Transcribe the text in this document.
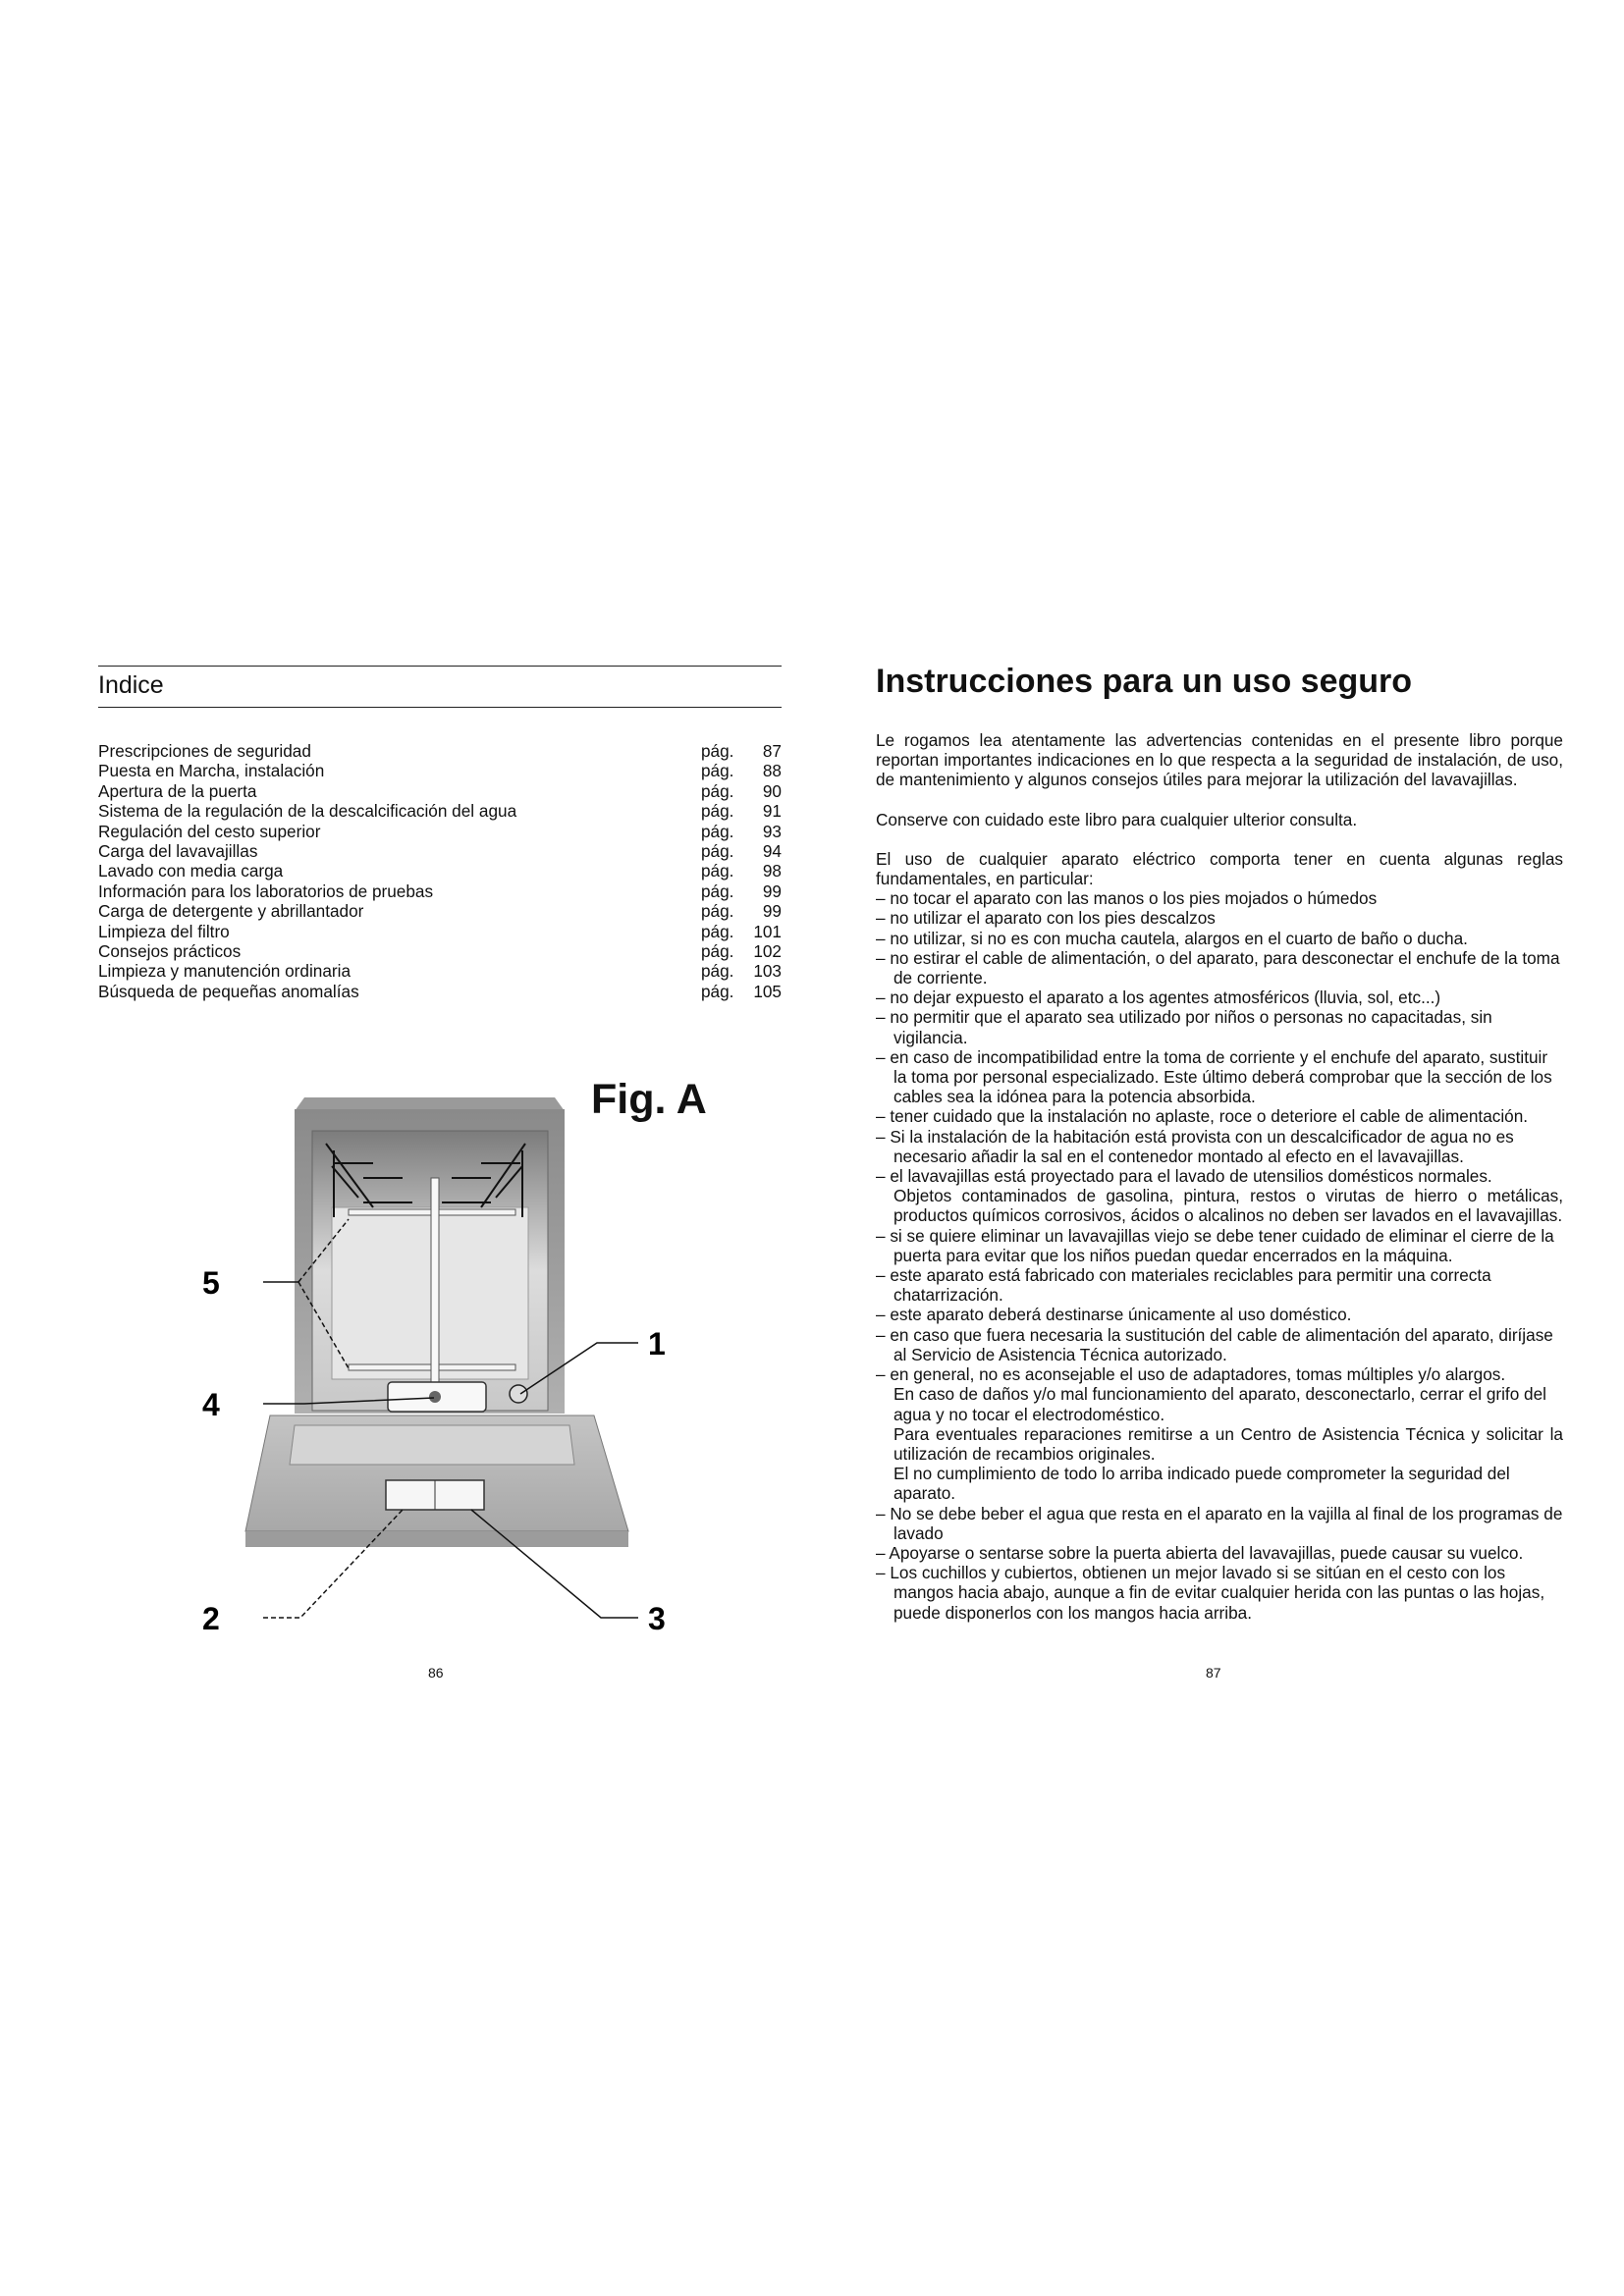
Indice
Prescripciones de seguridad	pág. 87
Puesta en Marcha, instalación	pág. 88
Apertura de la puerta	pág. 90
Sistema de la regulación de la descalcificación del agua	pág. 91
Regulación del cesto superior	pág. 93
Carga del lavavajillas	pág. 94
Lavado con media carga	pág. 98
Información para los laboratorios de pruebas	pág. 99
Carga de detergente y abrillantador	pág. 99
Limpieza del filtro	pág. 101
Consejos prácticos	pág. 102
Limpieza y manutención ordinaria	pág. 103
Búsqueda de pequeñas anomalías	pág. 105
Fig. A
5
4
1
2	3
86
Instrucciones para un uso seguro

Le rogamos lea atentamente las advertencias contenidas en el presente libro porque reportan importantes indicaciones en lo que respecta a la seguridad de instalación, de uso, de mantenimiento y algunos consejos útiles para mejorar la utilización del lavavajillas.

Conserve con cuidado este libro para cualquier ulterior consulta.

El uso de cualquier aparato eléctrico comporta tener en cuenta algunas reglas fundamentales, en particular:

– no tocar el aparato con las manos o los pies mojados o húmedos

– no utilizar el aparato con los pies descalzos

– no utilizar, si no es con mucha cautela, alargos en el cuarto de baño o ducha.

– no estirar el cable de alimentación, o del aparato, para desconectar el enchufe de la toma de corriente.

– no dejar expuesto el aparato a los agentes atmosféricos (lluvia, sol, etc...)

– no permitir que el aparato sea utilizado por niños o personas no capacitadas, sin vigilancia.

– en caso de incompatibilidad entre la toma de corriente y el enchufe del aparato, sustituir la toma por personal especializado. Este último deberá comprobar que la sección de los cables sea la idónea para la potencia absorbida.

– tener cuidado que la instalación no aplaste, roce o deteriore el cable de alimentación.

– Si la instalación de la habitación está provista con un descalcificador de agua no es necesario añadir la sal en el contenedor montado al efecto en el lavavajillas.

– el lavavajillas está proyectado para el lavado de utensilios domésticos normales.

Objetos contaminados de gasolina, pintura, restos o virutas de hierro o metálicas, productos químicos corrosivos, ácidos o alcalinos no deben ser lavados en el lavavajillas.

– si se quiere eliminar un lavavajillas viejo se debe tener cuidado de eliminar el cierre de la puerta para evitar que los niños puedan quedar encerrados en la máquina.

– este aparato está fabricado con materiales reciclables para permitir una correcta chatarrización.

– este aparato deberá destinarse únicamente al uso doméstico.

– en caso que fuera necesaria la sustitución del cable de alimentación del aparato, diríjase al Servicio de Asistencia Técnica autorizado.

– en general, no es aconsejable el uso de adaptadores, tomas múltiples y/o alargos.

En caso de daños y/o mal funcionamiento del aparato, desconectarlo, cerrar el grifo del agua y no tocar el electrodoméstico.

Para eventuales reparaciones remitirse a un Centro de Asistencia Técnica y solicitar la utilización de recambios originales.

El no cumplimiento de todo lo arriba indicado puede comprometer la seguridad del aparato.

– No se debe beber el agua que resta en el aparato en la vajilla al final de los programas de lavado

– Apoyarse o sentarse sobre la puerta abierta del lavavajillas, puede causar su vuelco.

– Los cuchillos y cubiertos, obtienen un mejor lavado si se sitúan en el cesto con los mangos hacia abajo, aunque a fin de evitar cualquier herida con las puntas o las hojas, puede disponerlos con los mangos hacia arriba.

87
